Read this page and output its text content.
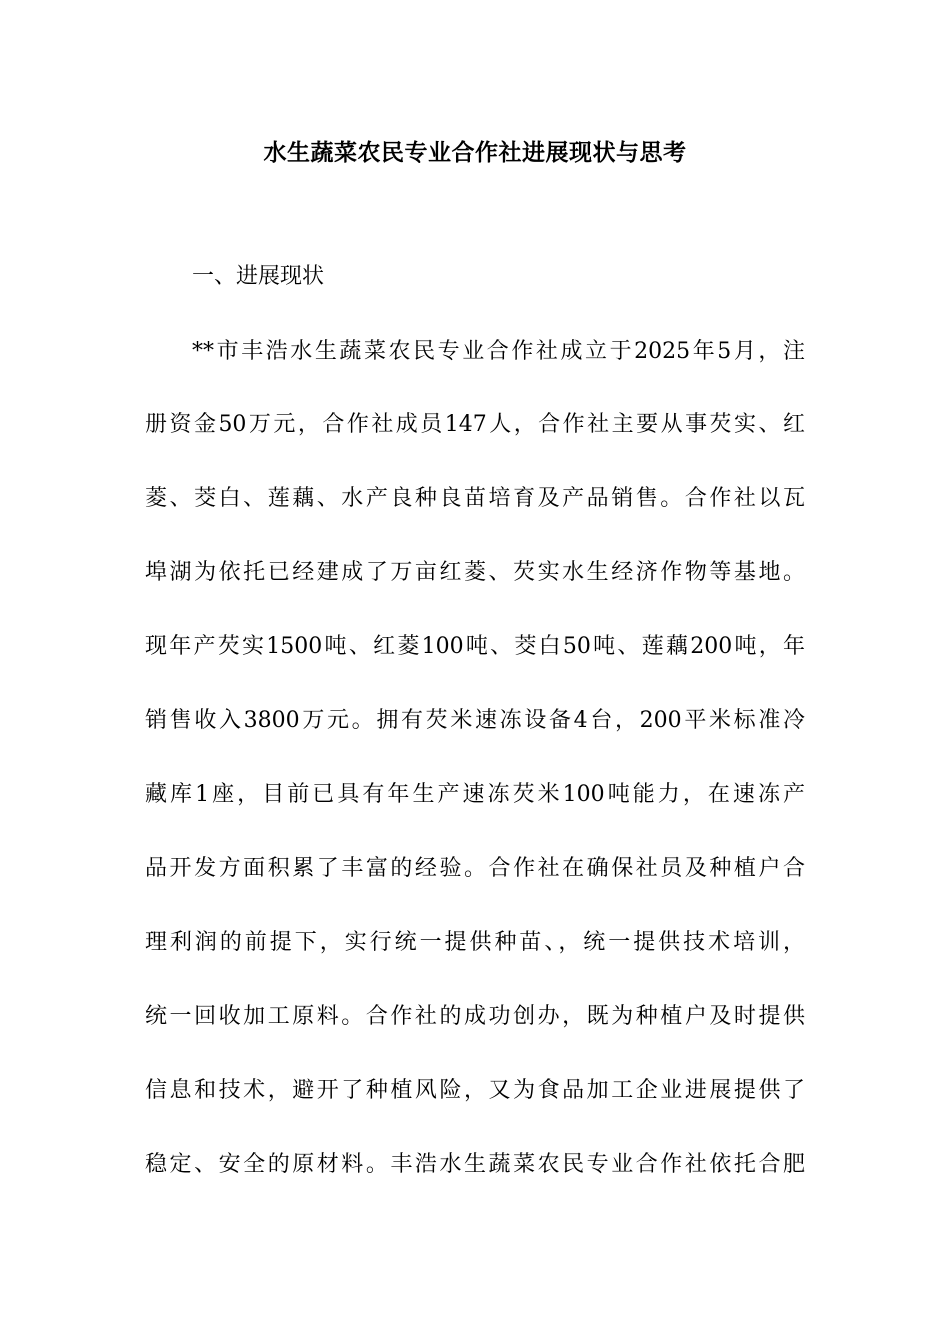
水生蔬菜农民专业合作社进展现状与思考
一、进展现状
**市丰浩水生蔬菜农民专业合作社成立于2025年5月，注
册资金50万元，合作社成员147人，合作社主要从事芡实、红
菱、茭白、莲藕、水产良种良苗培育及产品销售。合作社以瓦
埠湖为依托已经建成了万亩红菱、芡实水生经济作物等基地。
现年产芡实1500吨、红菱100吨、茭白50吨、莲藕200吨，年
销售收入3800万元。拥有芡米速冻设备4台，200平米标准冷
藏库1座，目前已具有年生产速冻芡米100吨能力，在速冻产
品开发方面积累了丰富的经验。合作社在确保社员及种植户合
理利润的前提下，实行统一提供种苗、，统一提供技术培训，
统一回收加工原料。合作社的成功创办，既为种植户及时提供
信息和技术，避开了种植风险，又为食品加工企业进展提供了
稳定、安全的原材料。丰浩水生蔬菜农民专业合作社依托合肥
